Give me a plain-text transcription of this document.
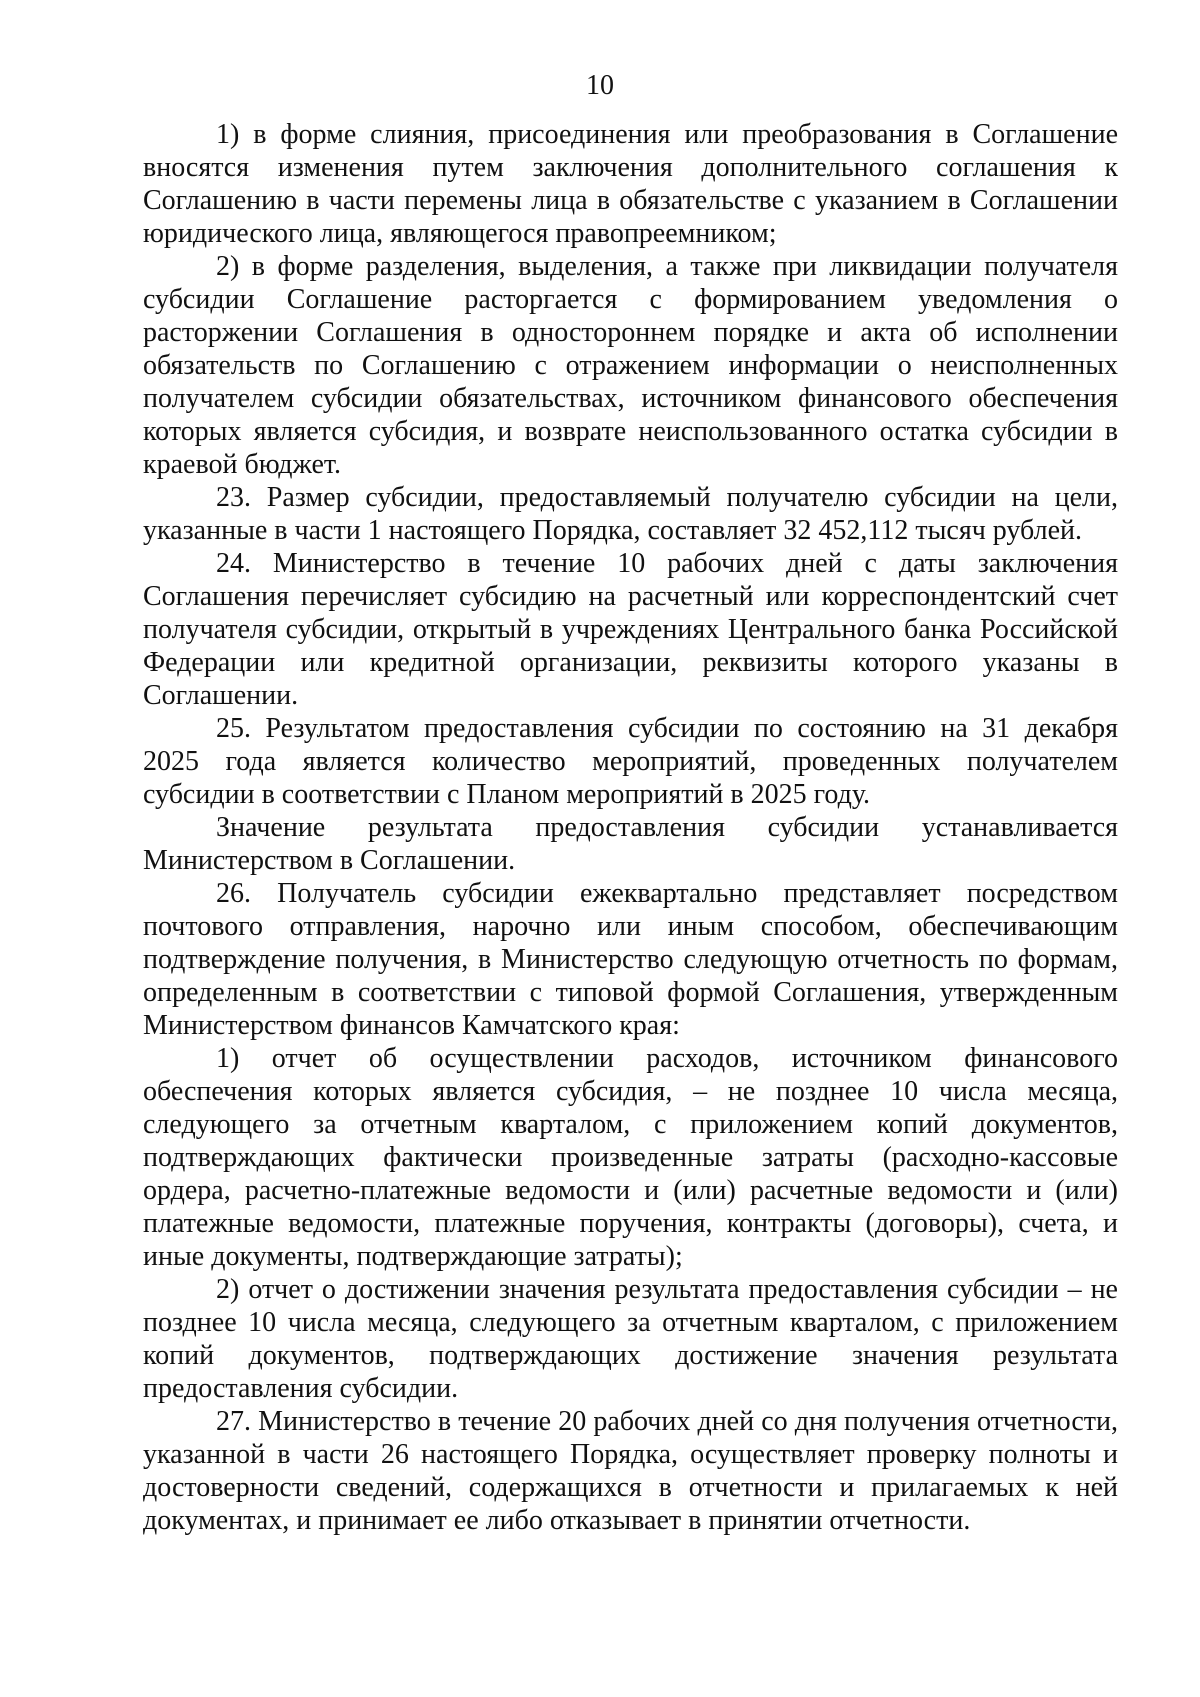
10

1) в форме слияния, присоединения или преобразования в Соглашение вносятся изменения путем заключения дополнительного соглашения к Соглашению в части перемены лица в обязательстве с указанием в Соглашении юридического лица, являющегося правопреемником;

2) в форме разделения, выделения, а также при ликвидации получателя субсидии Соглашение расторгается с формированием уведомления о расторжении Соглашения в одностороннем порядке и акта об исполнении обязательств по Соглашению с отражением информации о неисполненных получателем субсидии обязательствах, источником финансового обеспечения которых является субсидия, и возврате неиспользованного остатка субсидии в краевой бюджет.

23. Размер субсидии, предоставляемый получателю субсидии на цели, указанные в части 1 настоящего Порядка, составляет 32 452,112 тысяч рублей.

24. Министерство в течение 10 рабочих дней с даты заключения Соглашения перечисляет субсидию на расчетный или корреспондентский счет получателя субсидии, открытый в учреждениях Центрального банка Российской Федерации или кредитной организации, реквизиты которого указаны в Соглашении.

25. Результатом предоставления субсидии по состоянию на 31 декабря 2025 года является количество мероприятий, проведенных получателем субсидии в соответствии с Планом мероприятий в 2025 году.

Значение результата предоставления субсидии устанавливается Министерством в Соглашении.

26. Получатель субсидии ежеквартально представляет посредством почтового отправления, нарочно или иным способом, обеспечивающим подтверждение получения, в Министерство следующую отчетность по формам, определенным в соответствии с типовой формой Соглашения, утвержденным Министерством финансов Камчатского края:

1) отчет об осуществлении расходов, источником финансового обеспечения которых является субсидия, – не позднее 10 числа месяца, следующего за отчетным кварталом, с приложением копий документов, подтверждающих фактически произведенные затраты (расходно-кассовые ордера, расчетно-платежные ведомости и (или) расчетные ведомости и (или) платежные ведомости, платежные поручения, контракты (договоры), счета, и иные документы, подтверждающие затраты);

2) отчет о достижении значения результата предоставления субсидии – не позднее 10 числа месяца, следующего за отчетным кварталом, с приложением копий документов, подтверждающих достижение значения результата предоставления субсидии.

27. Министерство в течение 20 рабочих дней со дня получения отчетности, указанной в части 26 настоящего Порядка, осуществляет проверку полноты и достоверности сведений, содержащихся в отчетности и прилагаемых к ней документах, и принимает ее либо отказывает в принятии отчетности.
